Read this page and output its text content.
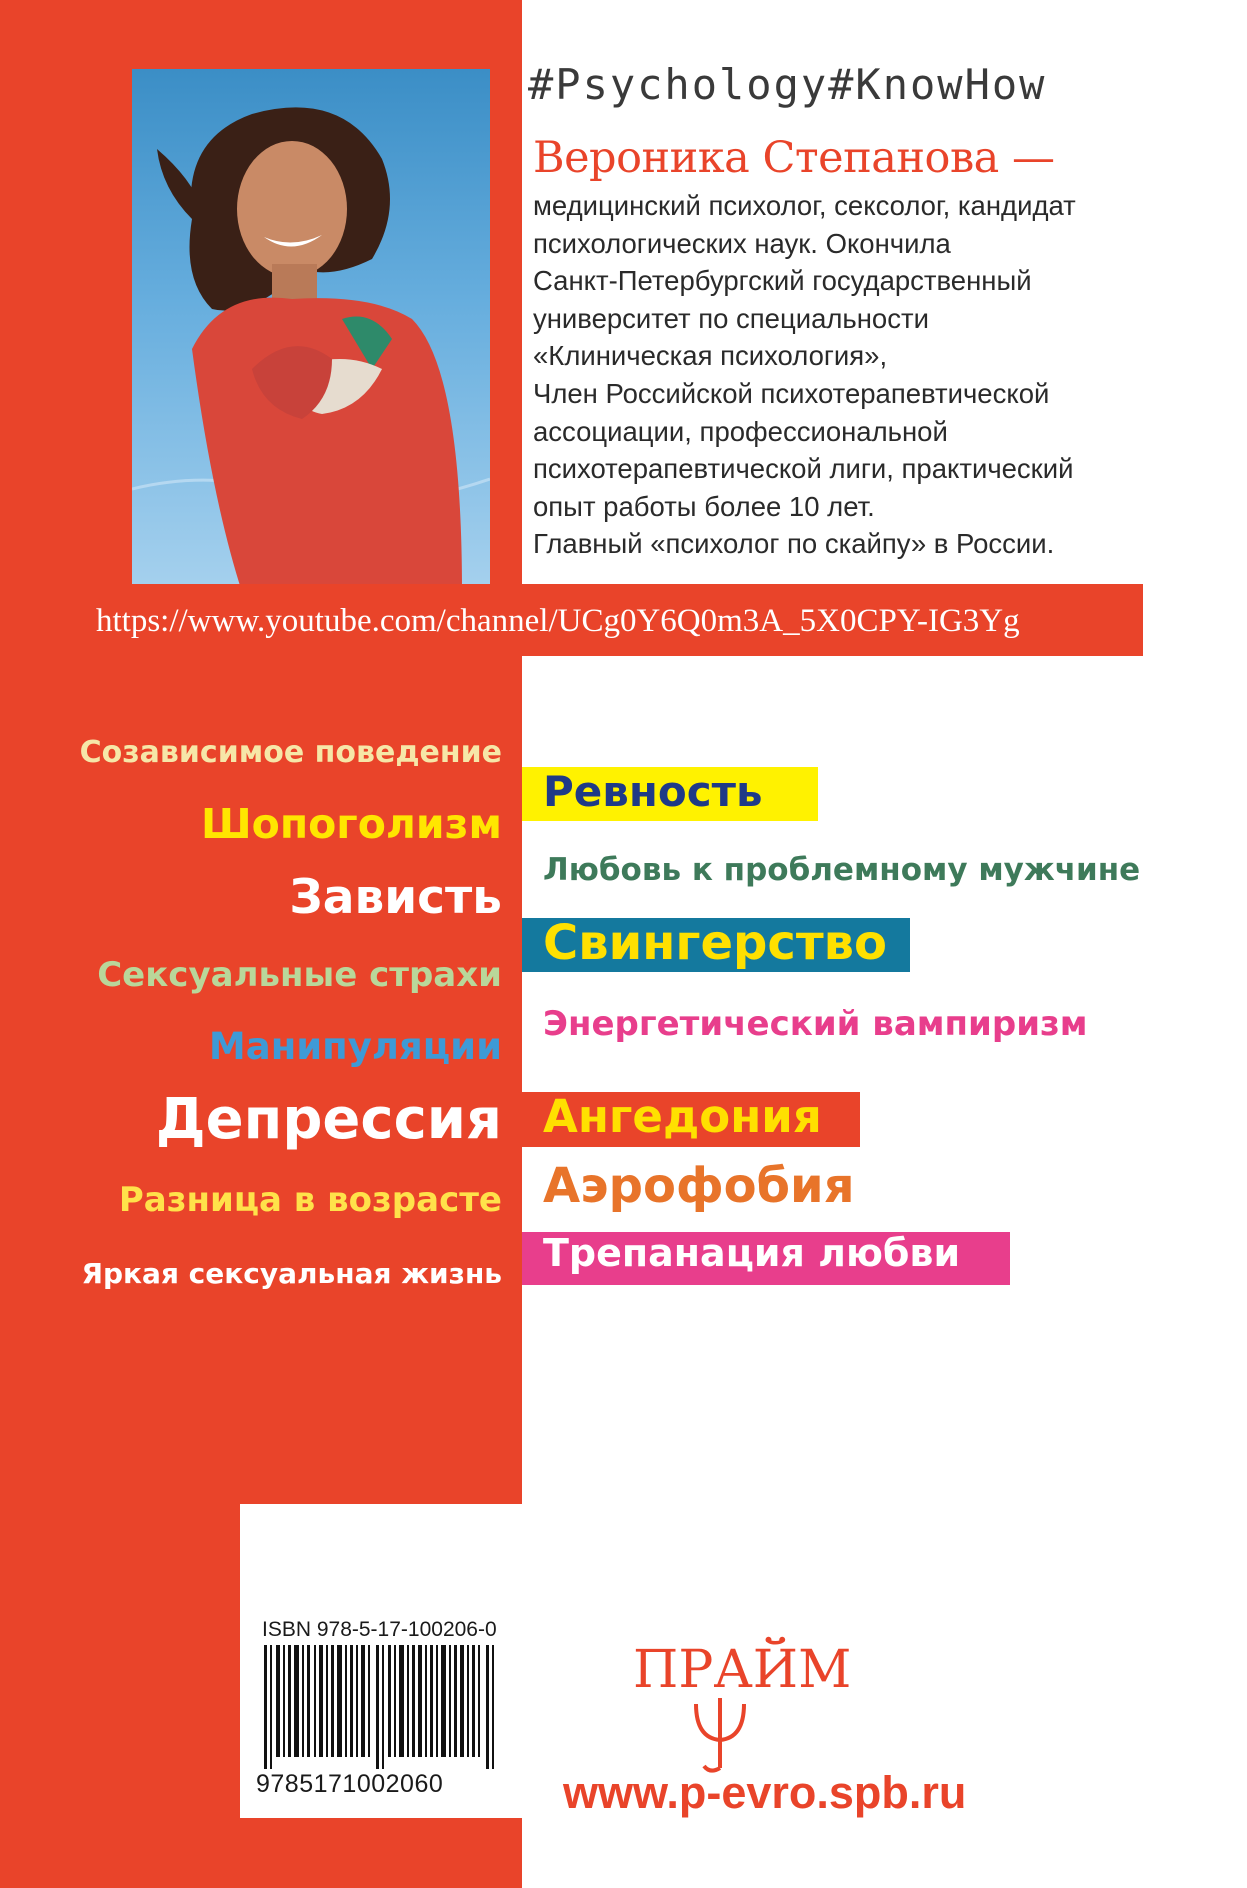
#Psychology#KnowHow
Вероника Степанова —
медицинский психолог, сексолог, кандидат
психологических наук. Окончила
Санкт-Петербургский государственный
университет по специальности
«Клиническая психология»,
Член Российской психотерапевтической
ассоциации, профессиональной
психотерапевтической лиги, практический
опыт работы более 10 лет.
Главный «психолог по скайпу» в России.
https://www.youtube.com/channel/UCg0Y6Q0m3A_5X0CPY-IG3Yg
Созависимое поведение
Шопоголизм
Зависть
Сексуальные страхи
Манипуляции
Депрессия
Разница в возрасте
Яркая сексуальная жизнь
Ревность
Любовь к проблемному мужчине
Свингерство
Энергетический вампиризм
Ангедония
Аэрофобия
Трепанация любви
ISBN 978-5-17-100206-0
9785171002060
ПРАЙМ
www.p-evro.spb.ru
